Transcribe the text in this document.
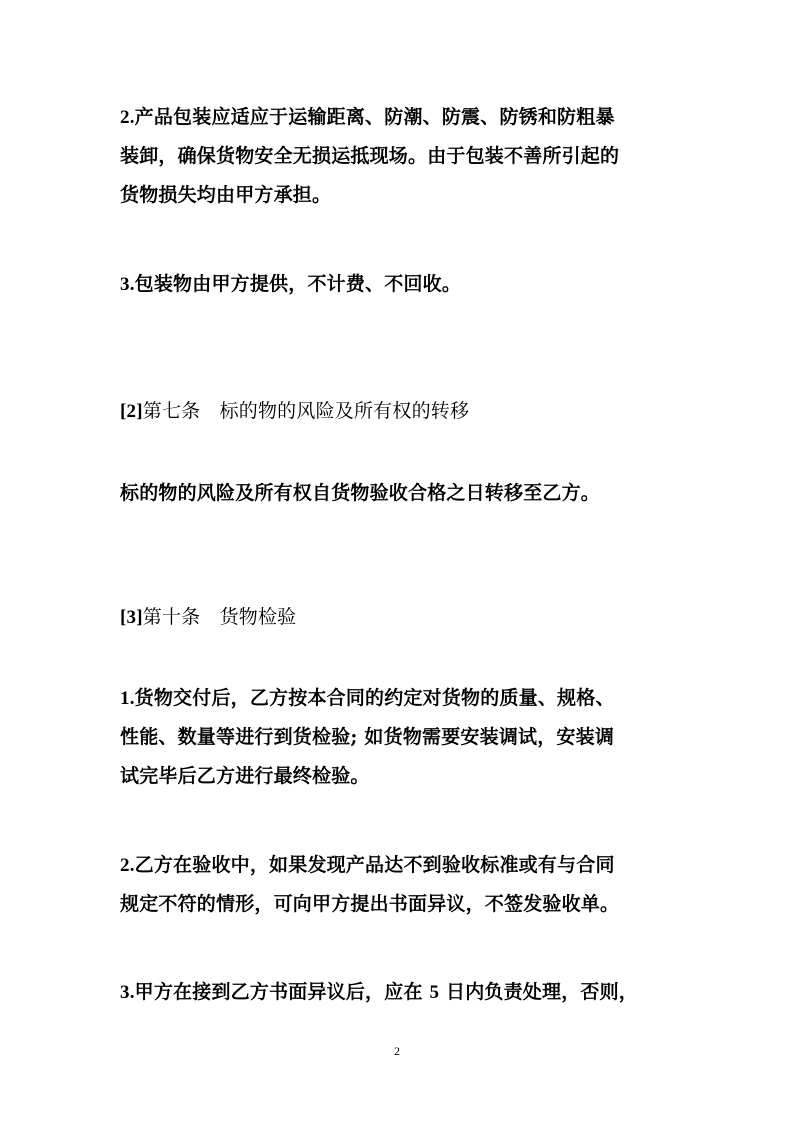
2.产品包装应适应于运输距离、防潮、防震、防锈和防粗暴
装卸，确保货物安全无损运抵现场。由于包装不善所引起的
货物损失均由甲方承担。

3.包装物由甲方提供，不计费、不回收。

[2]第七条　标的物的风险及所有权的转移

标的物的风险及所有权自货物验收合格之日转移至乙方。

[3]第十条　货物检验

1.货物交付后，乙方按本合同的约定对货物的质量、规格、
性能、数量等进行到货检验; 如货物需要安装调试，安装调
试完毕后乙方进行最终检验。

2.乙方在验收中，如果发现产品达不到验收标准或有与合同
规定不符的情形，可向甲方提出书面异议，不签发验收单。

3.甲方在接到乙方书面异议后，应在 5 日内负责处理，否则，

2
